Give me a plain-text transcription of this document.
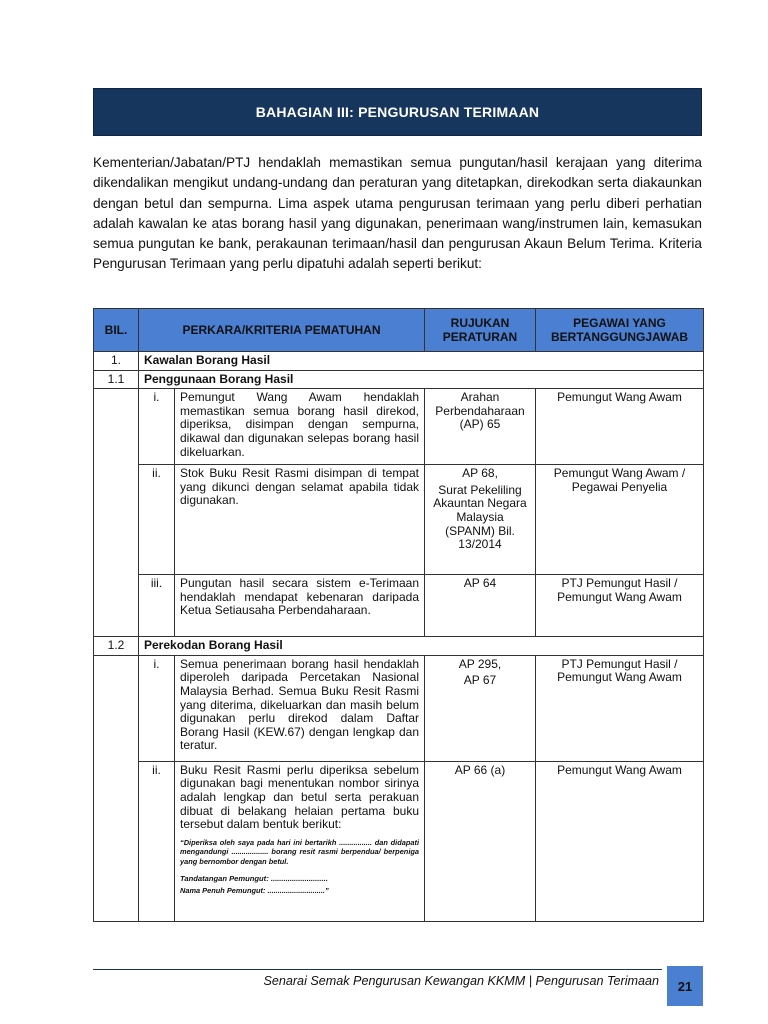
BAHAGIAN III: PENGURUSAN TERIMAAN

Kementerian/Jabatan/PTJ hendaklah memastikan semua pungutan/hasil kerajaan yang diterima dikendalikan mengikut undang-undang dan peraturan yang ditetapkan, direkodkan serta diakaunkan dengan betul dan sempurna. Lima aspek utama pengurusan terimaan yang perlu diberi perhatian adalah kawalan ke atas borang hasil yang digunakan, penerimaan wang/instrumen lain, kemasukan semua pungutan ke bank, perakaunan terimaan/hasil dan pengurusan Akaun Belum Terima. Kriteria Pengurusan Terimaan yang perlu dipatuhi adalah seperti berikut:

BIL.	PERKARA/KRITERIA PEMATUHAN		RUJUKAN PERATURAN	PEGAWAI YANG BERTANGGUNGJAWAB
1.	Kawalan Borang Hasil			
1.1	Penggunaan Borang Hasil			
	i.	Pemungut Wang Awam hendaklah memastikan semua borang hasil direkod, diperiksa, disimpan dengan sempurna, dikawal dan digunakan selepas borang hasil dikeluarkan.	Arahan Perbendaharaan (AP) 65	Pemungut Wang Awam
	ii.	Stok Buku Resit Rasmi disimpan di tempat yang dikunci dengan selamat apabila tidak digunakan.	AP 68,
Surat Pekeliling Akauntan Negara Malaysia (SPANM) Bil. 13/2014	Pemungut Wang Awam / Pegawai Penyelia
	iii.	Pungutan hasil secara sistem e-Terimaan hendaklah mendapat kebenaran daripada Ketua Setiausaha Perbendaharaan.	AP 64	PTJ Pemungut Hasil / Pemungut Wang Awam
1.2	Perekodan Borang Hasil			
	i.	Semua penerimaan borang hasil hendaklah diperoleh daripada Percetakan Nasional Malaysia Berhad. Semua Buku Resit Rasmi yang diterima, dikeluarkan dan masih belum digunakan perlu direkod dalam Daftar Borang Hasil (KEW.67) dengan lengkap dan teratur.	AP 295,
AP 67	PTJ Pemungut Hasil / Pemungut Wang Awam
	ii.	Buku Resit Rasmi perlu diperiksa sebelum digunakan bagi menentukan nombor sirinya adalah lengkap dan betul serta perakuan dibuat di belakang helaian pertama buku tersebut dalam bentuk berikut:
“Diperiksa oleh saya pada hari ini bertarikh ................ dan didapati mengandungi .................. borang resit rasmi berpendua/ berpeniga yang bernombor dengan betul.
Tandatangan Pemungut: ...........................
Nama Penuh Pemungut: ............................”	AP 66 (a)	Pemungut Wang Awam
Senarai Semak Pengurusan Kewangan KKMM | Pengurusan Terimaan 21
